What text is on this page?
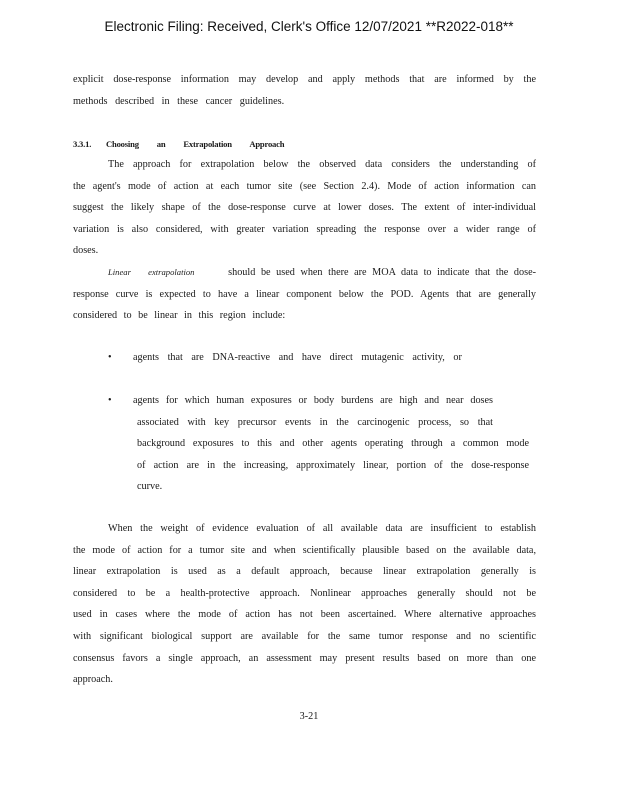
Electronic Filing: Received, Clerk's Office 12/07/2021 **R2022-018**
explicit dose-response information may develop and apply methods that are informed by the
methods described in these cancer guidelines.
3.3.1. Choosing an Extrapolation Approach
The approach for extrapolation below the observed data considers the understanding of
the agent's mode of action at each tumor site (see Section 2.4). Mode of action information can
suggest the likely shape of the dose-response curve at lower doses. The extent of inter-individual
variation is also considered, with greater variation spreading the response over a wider range of
doses.
Linear extrapolation	should be used when there are MOA data to indicate that the dose-
response curve is expected to have a linear component below the POD. Agents that are generally
considered to be linear in this region include:
•	agents that are DNA-reactive and have direct mutagenic activity, or
•	agents for which human exposures or body burdens are high and near doses
associated with key precursor events in the carcinogenic process, so that
background exposures to this and other agents operating through a common mode
of action are in the increasing, approximately linear, portion of the dose-response
curve.
When the weight of evidence evaluation of all available data are insufficient to establish
the mode of action for a tumor site and when scientifically plausible based on the available data,
linear extrapolation is used as a default approach, because linear extrapolation generally is
considered to be a health-protective approach. Nonlinear approaches generally should not be
used in cases where the mode of action has not been ascertained. Where alternative approaches
with significant biological support are available for the same tumor response and no scientific
consensus favors a single approach, an assessment may present results based on more than one
approach.
3-21
